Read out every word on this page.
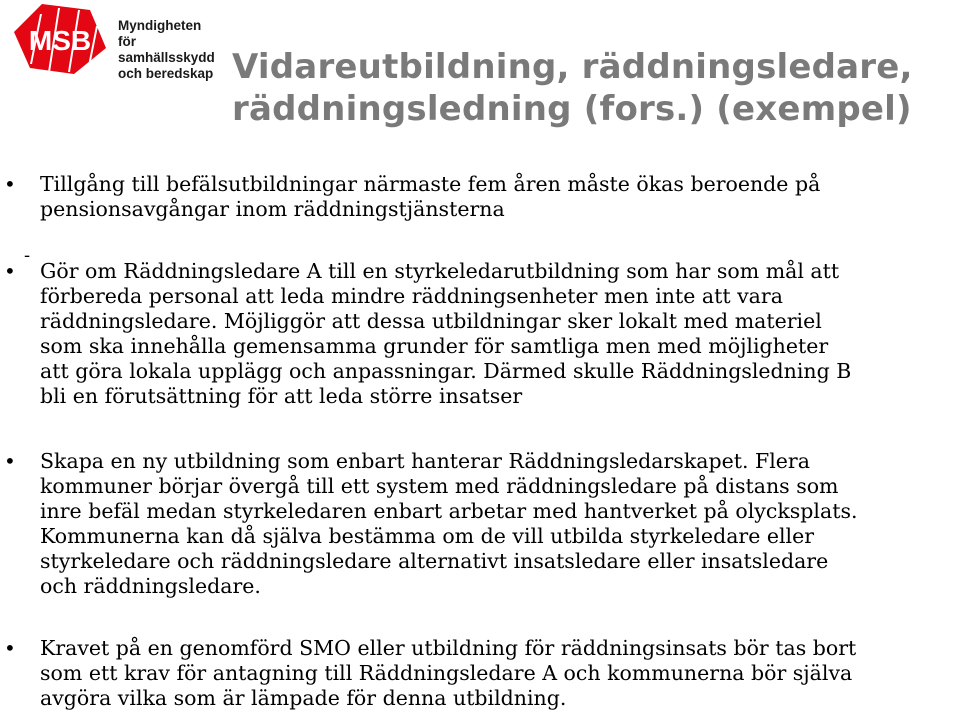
MSB Myndigheten för
samhällsskydd
och beredskap Vidareutbildning, räddningsledare,
räddningsledning (fors.) (exempel)
• Tillgång till befälsutbildningar närmaste fem åren måste ökas beroende på
pensionsavgångar inom räddningstjänsterna

-
• Gör om Räddningsledare A till en styrkeledarutbildning som har som mål att
förbereda personal att leda mindre räddningsenheter men inte att vara
räddningsledare. Möjliggör att dessa utbildningar sker lokalt med materiel
som ska innehålla gemensamma grunder för samtliga men med möjligheter
att göra lokala upplägg och anpassningar. Därmed skulle Räddningsledning B
bli en förutsättning för att leda större insatser

• Skapa en ny utbildning som enbart hanterar Räddningsledarskapet. Flera
kommuner börjar övergå till ett system med räddningsledare på distans som
inre befäl medan styrkeledaren enbart arbetar med hantverket på olycksplats.
Kommunerna kan då själva bestämma om de vill utbilda styrkeledare eller
styrkeledare och räddningsledare alternativt insatsledare eller insatsledare
och räddningsledare.

• Kravet på en genomförd SMO eller utbildning för räddningsinsats bör tas bort
som ett krav för antagning till Räddningsledare A och kommunerna bör själva
avgöra vilka som är lämpade för denna utbildning.
